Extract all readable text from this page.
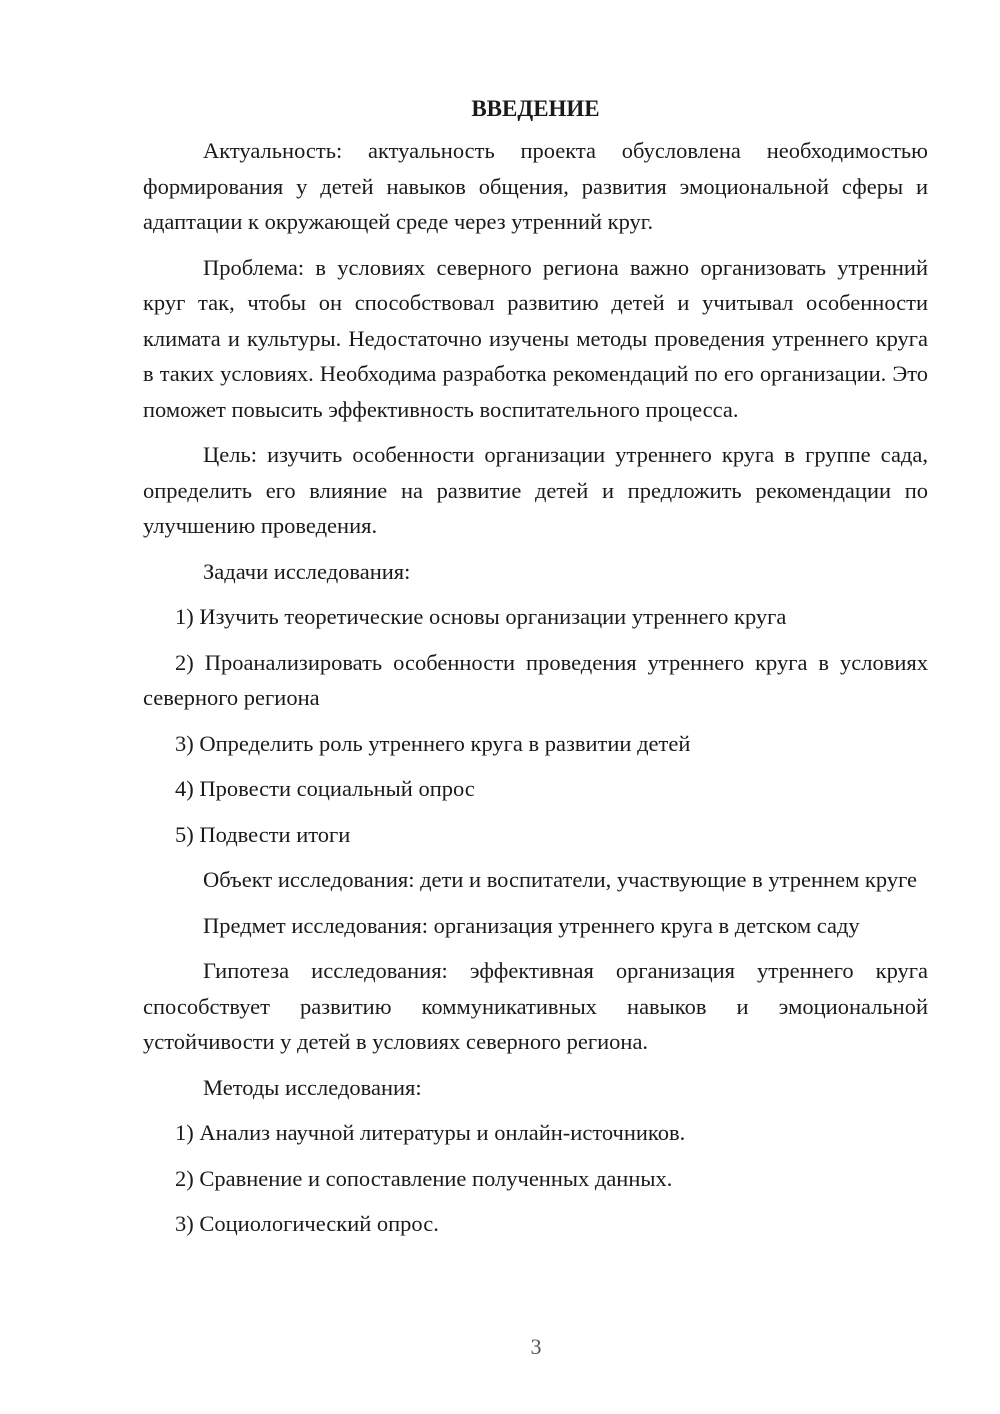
ВВЕДЕНИЕ

Актуальность: актуальность проекта обусловлена необходимостью формирования у детей навыков общения, развития эмоциональной сферы и адаптации к окружающей среде через утренний круг.

Проблема: в условиях северного региона важно организовать утренний круг так, чтобы он способствовал развитию детей и учитывал особенности климата и культуры. Недостаточно изучены методы проведения утреннего круга в таких условиях. Необходима разработка рекомендаций по его организации. Это поможет повысить эффективность воспитательного процесса.

Цель: изучить особенности организации утреннего круга в группе сада, определить его влияние на развитие детей и предложить рекомендации по улучшению проведения.

Задачи исследования:

1) Изучить теоретические основы организации утреннего круга

2) Проанализировать особенности проведения утреннего круга в условиях северного региона

3) Определить роль утреннего круга в развитии детей

4) Провести социальный опрос

5) Подвести итоги

Объект исследования: дети и воспитатели, участвующие в утреннем круге

Предмет исследования: организация утреннего круга в детском саду

Гипотеза исследования: эффективная организация утреннего круга способствует развитию коммуникативных навыков и эмоциональной устойчивости у детей в условиях северного региона.

Методы исследования:

1) Анализ научной литературы и онлайн-источников.

2) Сравнение и сопоставление полученных данных.

3) Социологический опрос.

3
